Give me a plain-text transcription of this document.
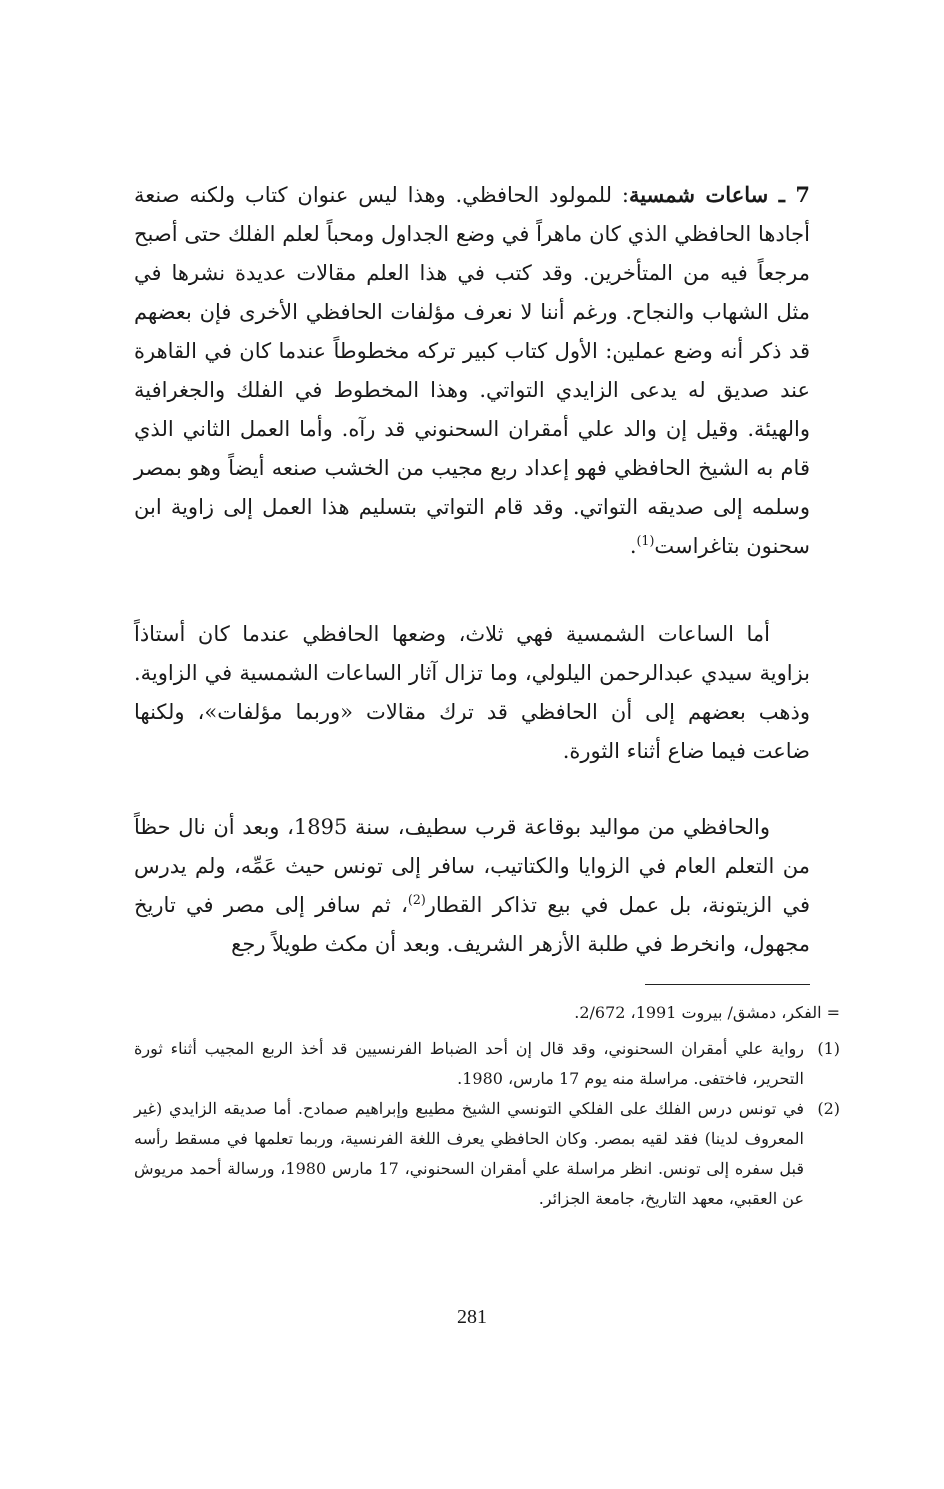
7 ـ ساعات شمسية: للمولود الحافظي. وهذا ليس عنوان كتاب ولكنه صنعة أجادها الحافظي الذي كان ماهراً في وضع الجداول ومحباً لعلم الفلك حتى أصبح مرجعاً فيه من المتأخرين. وقد كتب في هذا العلم مقالات عديدة نشرها في مثل الشهاب والنجاح. ورغم أننا لا نعرف مؤلفات الحافظي الأخرى فإن بعضهم قد ذكر أنه وضع عملين: الأول كتاب كبير تركه مخطوطاً عندما كان في القاهرة عند صديق له يدعى الزايدي التواتي. وهذا المخطوط في الفلك والجغرافية والهيئة. وقيل إن والد علي أمقران السحنوني قد رآه. وأما العمل الثاني الذي قام به الشيخ الحافظي فهو إعداد ربع مجيب من الخشب صنعه أيضاً وهو بمصر وسلمه إلى صديقه التواتي. وقد قام التواتي بتسليم هذا العمل إلى زاوية ابن سحنون بتاغراست$^{(1)}$.

أما الساعات الشمسية فهي ثلاث، وضعها الحافظي عندما كان أستاذاً بزاوية سيدي عبدالرحمن اليلولي، وما تزال آثار الساعات الشمسية في الزاوية. وذهب بعضهم إلى أن الحافظي قد ترك مقالات «وربما مؤلفات»، ولكنها ضاعت فيما ضاع أثناء الثورة.

والحافظي من مواليد بوقاعة قرب سطيف، سنة 1895، وبعد أن نال حظاً من التعلم العام في الزوايا والكتاتيب، سافر إلى تونس حيث عَمِّه، ولم يدرس في الزيتونة، بل عمل في بيع تذاكر القطار$^{(2)}$، ثم سافر إلى مصر في تاريخ مجهول، وانخرط في طلبة الأزهر الشريف. وبعد أن مكث طويلاً رجع

= الفكر، دمشق/ بيروت 1991، 2/672.
(1)
رواية علي أمقران السحنوني، وقد قال إن أحد الضباط الفرنسيين قد أخذ الربع المجيب أثناء ثورة التحرير، فاختفى. مراسلة منه يوم 17 مارس، 1980.
(2)
في تونس درس الفلك على الفلكي التونسي الشيخ مطيبع وإبراهيم صمادح. أما صديقه الزايدي (غير المعروف لدينا) فقد لقيه بمصر. وكان الحافظي يعرف اللغة الفرنسية، وربما تعلمها في مسقط رأسه قبل سفره إلى تونس. انظر مراسلة علي أمقران السحنوني، 17 مارس 1980، ورسالة أحمد مريوش عن العقبي، معهد التاريخ، جامعة الجزائر.
281
